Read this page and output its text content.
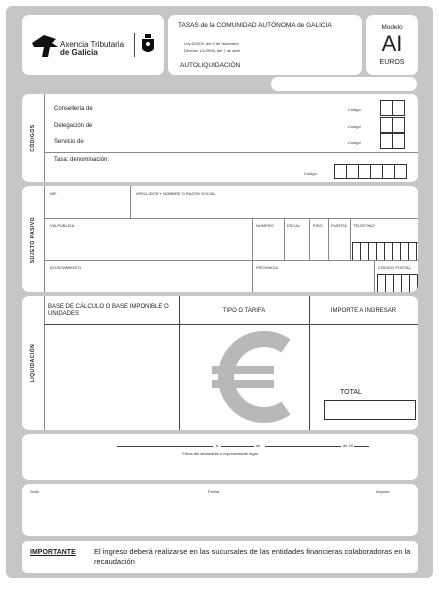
Axencia Tributaria
de Galicia
TASAS de la COMUNIDAD AUTÓNOMA de GALICIA
Ley 6/2003, del 9 de diciembre
Decreto 1/1/2006, del 7 de abril
AUTOLIQUIDACIÓN
Modelo
AI
EUROS
CÓDIGOS
Consellería de	Código
Delegación de	Código
Servicio de	Código
Tasa: denominación:
Código
SUJETO PASIVO
NIF	APELLIDOS Y NOMBRE O RAZÓN SOCIAL
VÍA PÚBLICA	NÚMERO	ESCAL.	PISO PUERTA TELÉFONO
AYUNTAMIENTO	PROVINCIA	CÓDIGO POSTAL
LIQUIDACIÓN
BASE DE CÁLCULO O BASE IMPONIBLE O UNIDADES	TIPO O TARIFA	IMPORTE A INGRESAR
TOTAL
a	de	de 20
Firma del declarante o representante legal
Sello	Fecha	Importe
IMPORTANTE El ingreso deberá realizarse en las sucursales de las entidades financieras colaboradoras en la recaudación
